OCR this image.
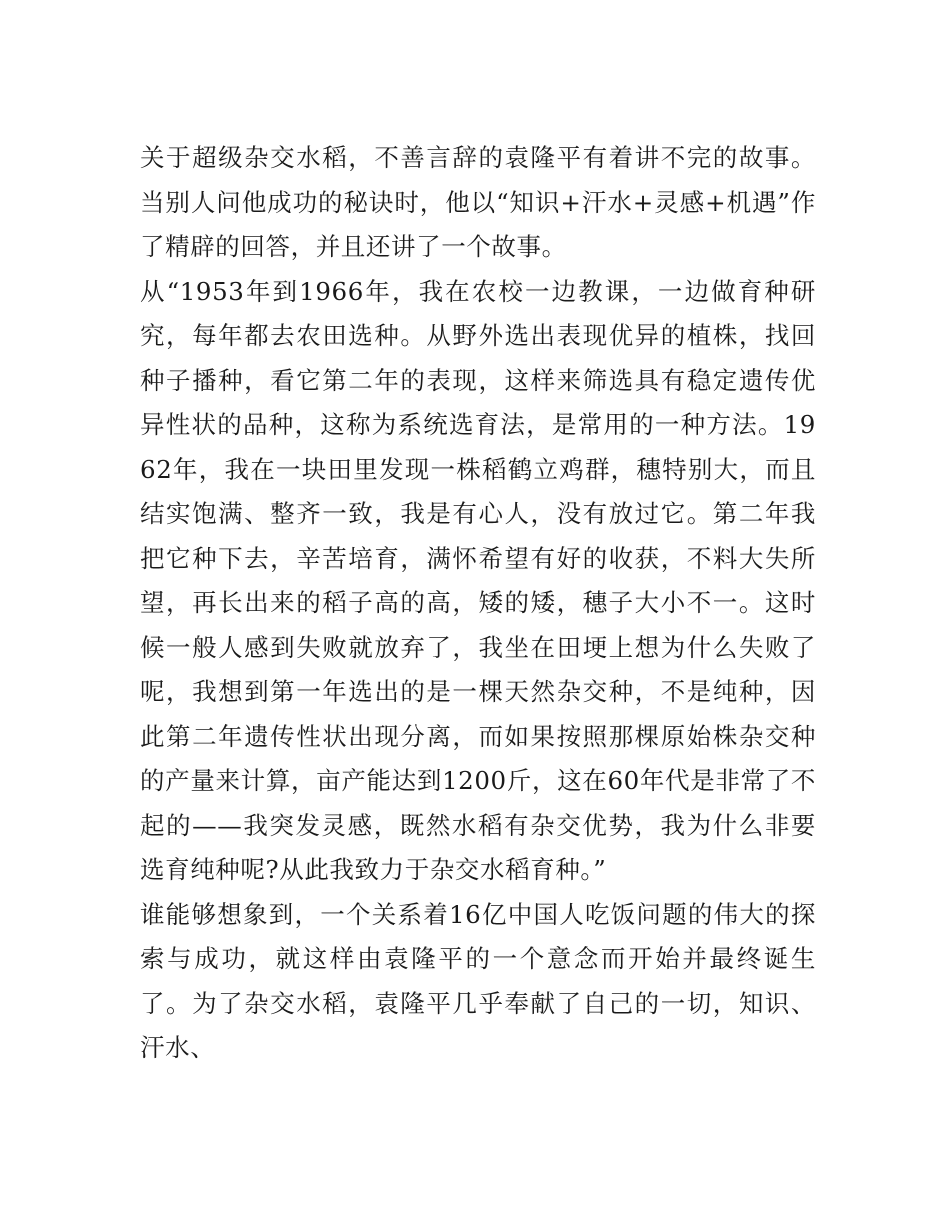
关于超级杂交水稻，不善言辞的袁隆平有着讲不完的故事。当别人问他成功的秘诀时，他以“知识+汗水+灵感+机遇”作了精辟的回答，并且还讲了一个故事。

从“1953年到1966年，我在农校一边教课，一边做育种研究，每年都去农田选种。从野外选出表现优异的植株，找回种子播种，看它第二年的表现，这样来筛选具有稳定遗传优异性状的品种，这称为系统选育法，是常用的一种方法。1962年，我在一块田里发现一株稻鹤立鸡群，穗特别大，而且结实饱满、整齐一致，我是有心人，没有放过它。第二年我把它种下去，辛苦培育，满怀希望有好的收获，不料大失所望，再长出来的稻子高的高，矮的矮，穗子大小不一。这时候一般人感到失败就放弃了，我坐在田埂上想为什么失败了呢，我想到第一年选出的是一棵天然杂交种，不是纯种，因此第二年遗传性状出现分离，而如果按照那棵原始株杂交种的产量来计算，亩产能达到1200斤，这在60年代是非常了不起的——我突发灵感，既然水稻有杂交优势，我为什么非要选育纯种呢?从此我致力于杂交水稻育种。”

谁能够想象到，一个关系着16亿中国人吃饭问题的伟大的探索与成功，就这样由袁隆平的一个意念而开始并最终诞生了。为了杂交水稻，袁隆平几乎奉献了自己的一切，知识、汗水、
